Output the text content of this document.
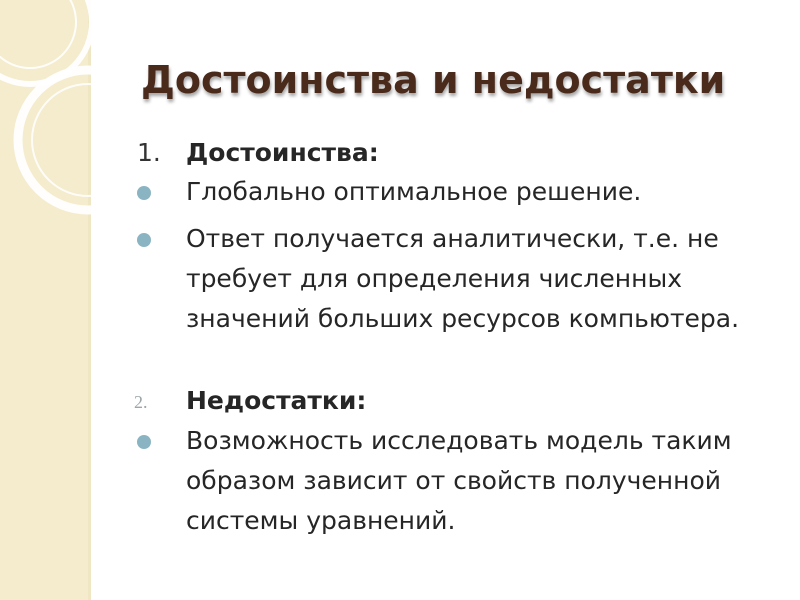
Достоинства и недостатки
1. Достоинства:
Глобально оптимальное решение.
Ответ получается аналитически, т.е. не требует для определения численных значений больших ресурсов компьютера.
2. Недостатки:
Возможность исследовать модель таким образом зависит от свойств полученной системы уравнений.
